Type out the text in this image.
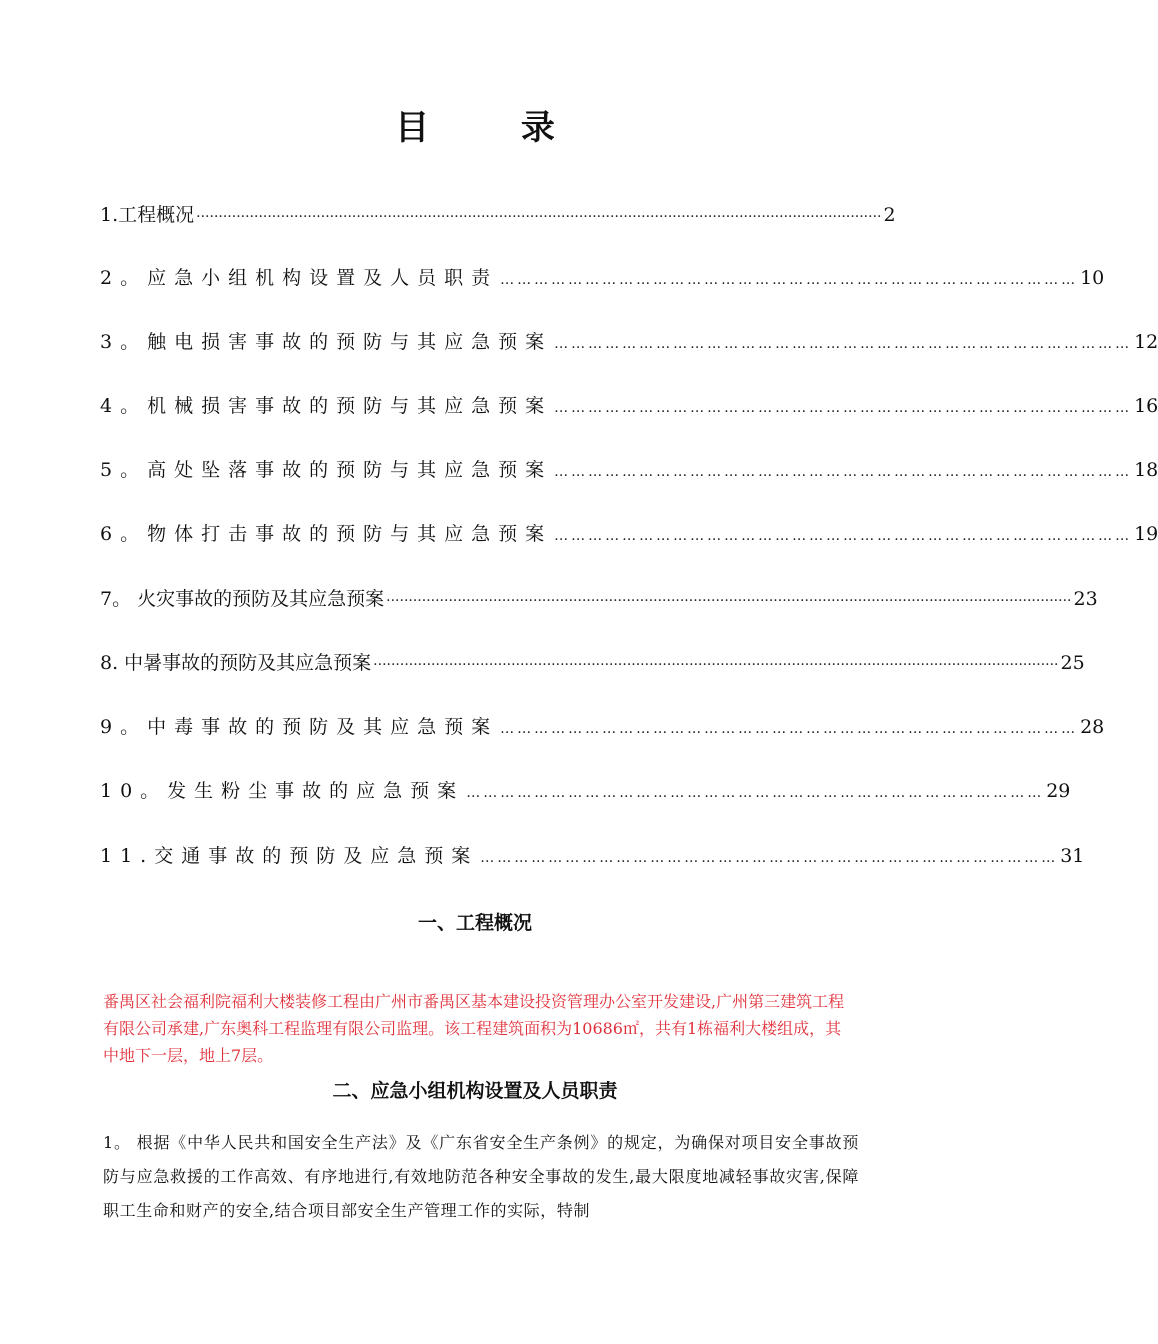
目 录
1.工程概况 ·························································································································································· 2
2。应急小组机构设置及人员职责 ………………………………………………………………………………………… 10
3。触电损害事故的预防与其应急预案 ………………………………………………………………………………………… 12
4。机械损害事故的预防与其应急预案 ………………………………………………………………………………………… 16
5。高处坠落事故的预防与其应急预案 ………………………………………………………………………………………… 18
6。物体打击事故的预防与其应急预案 ………………………………………………………………………………………… 19
7。 火灾事故的预防及其应急预案 ·························································································································································· 23
8. 中暑事故的预防及其应急预案 ·························································································································································· 25
9。中毒事故的预防及其应急预案 ………………………………………………………………………………………… 28
10。发生粉尘事故的应急预案 ………………………………………………………………………………………… 29
11.交通事故的预防及应急预案 ………………………………………………………………………………………… 31
一、工程概况
番禺区社会福利院福利大楼装修工程由广州市番禺区基本建设投资管理办公室开发建设,广州第三建筑工程有限公司承建,广东奥科工程监理有限公司监理。该工程建筑面积为10686㎡，共有1栋福利大楼组成，其中地下一层，地上7层。
二、应急小组机构设置及人员职责
1。 根据《中华人民共和国安全生产法》及《广东省安全生产条例》的规定，为确保对项目安全事故预防与应急救援的工作高效、有序地进行,有效地防范各种安全事故的发生,最大限度地减轻事故灾害,保障职工生命和财产的安全,结合项目部安全生产管理工作的实际，特制
